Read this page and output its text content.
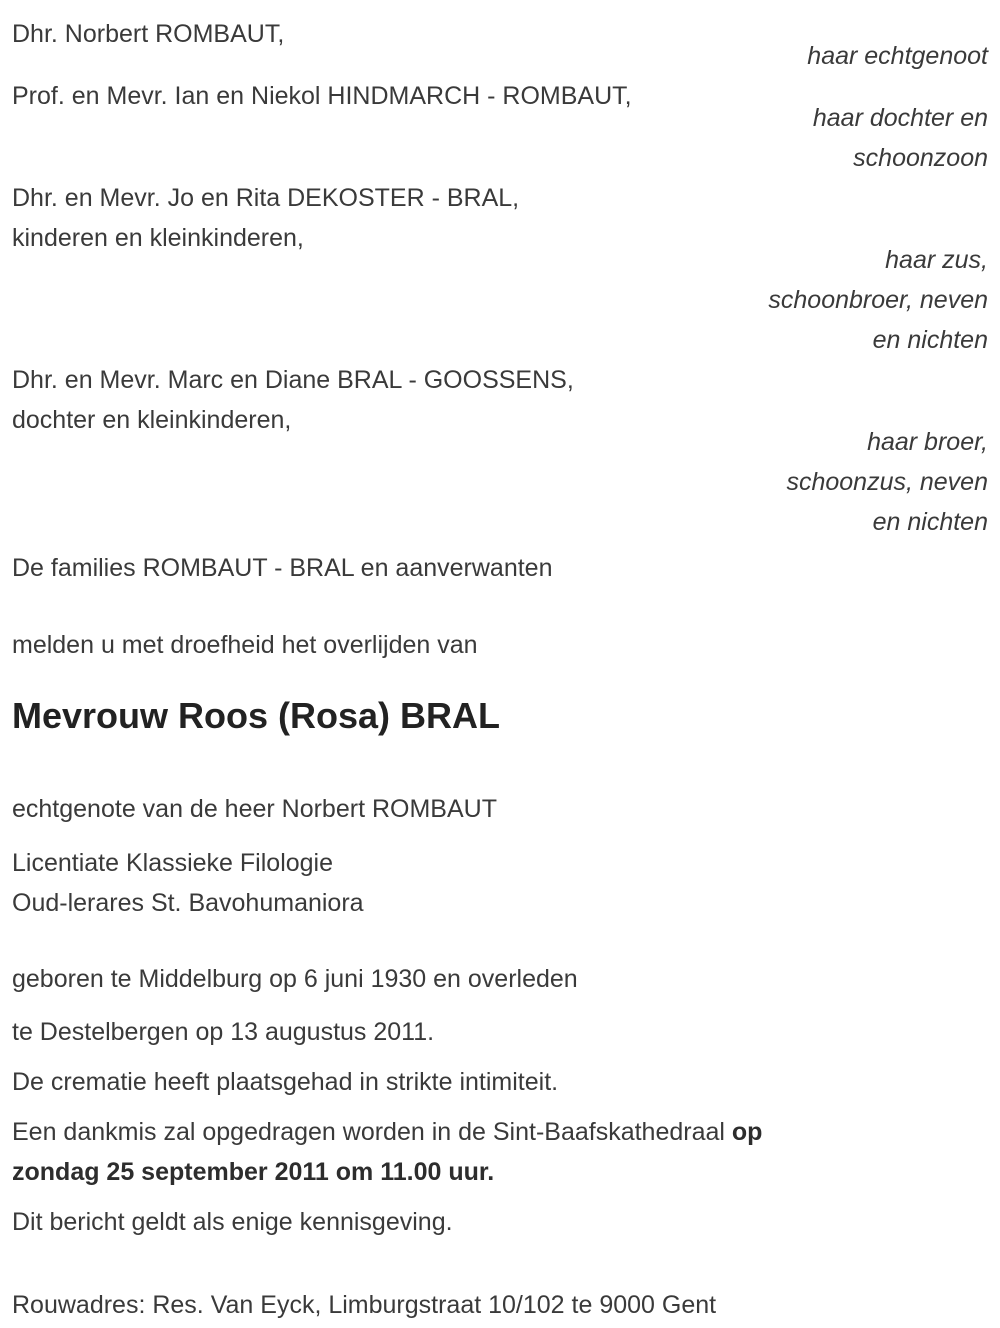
Dhr. Norbert ROMBAUT,
haar echtgenoot
Prof. en Mevr. Ian en Niekol HINDMARCH - ROMBAUT,
haar dochter en
schoonzoon
Dhr. en Mevr. Jo en Rita DEKOSTER - BRAL,
kinderen en kleinkinderen,
haar zus,
schoonbroer, neven
en nichten
Dhr. en Mevr. Marc en Diane BRAL - GOOSSENS,
dochter en kleinkinderen,
haar broer,
schoonzus, neven
en nichten
De families ROMBAUT - BRAL en aanverwanten
melden u met droefheid het overlijden van
Mevrouw Roos (Rosa) BRAL
echtgenote van de heer Norbert ROMBAUT
Licentiate Klassieke Filologie
Oud-lerares St. Bavohumaniora
geboren te Middelburg op 6 juni 1930 en overleden
te Destelbergen op 13 augustus 2011.
De crematie heeft plaatsgehad in strikte intimiteit.
Een dankmis zal opgedragen worden in de Sint-Baafskathedraal op
zondag 25 september 2011 om 11.00 uur.
Dit bericht geldt als enige kennisgeving.
Rouwadres: Res. Van Eyck, Limburgstraat 10/102 te 9000 Gent
